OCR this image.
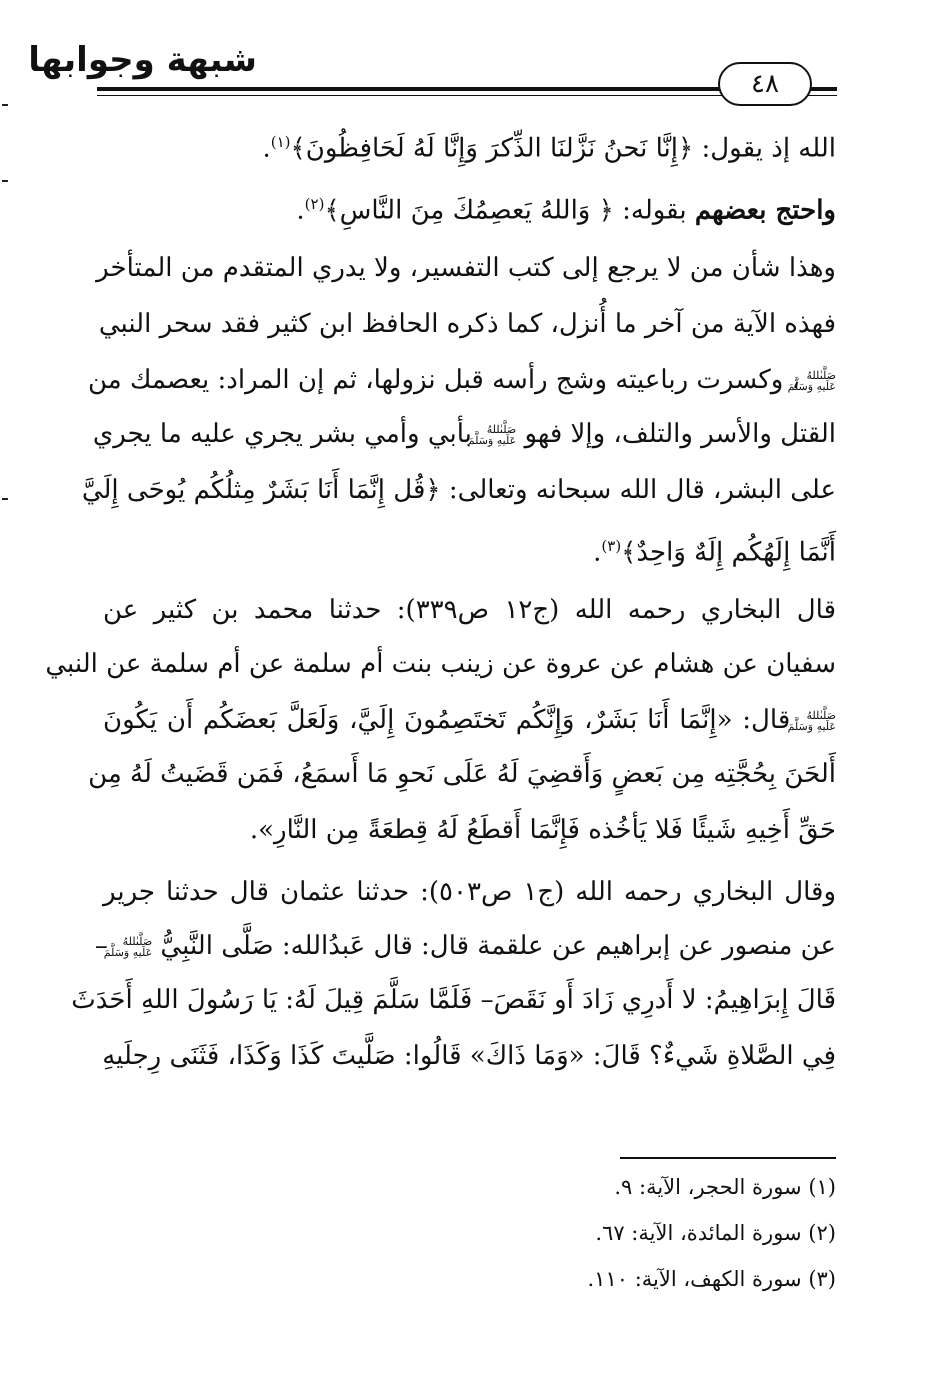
شبهة وجوابها
٤٨
الله إذ يقول: ﴿إِنَّا نَحنُ نَزَّلنَا الذِّكرَ وَإِنَّا لَهُ لَحَافِظُونَ﴾$^{(١)}$.
واحتج بعضهم بقوله: ﴿ وَاللهُ يَعصِمُكَ مِنَ النَّاسِ﴾$^{(٢)}$.
وهذا شأن من لا يرجع إلى كتب التفسير، ولا يدري المتقدم من المتأخر
فهذه الآية من آخر ما أُنزل، كما ذكره الحافظ ابن كثير فقد سحر النبي
صَلَّىٰللهُ
عَلَيهِ وَسَلَّمَ، وكسرت رباعيته وشج رأسه قبل نزولها، ثم إن المراد: يعصمك من
القتل والأسر والتلف، وإلا فهو صَلَّىٰللهُ
عَلَيهِ وَسَلَّمَ بأبي وأمي بشر يجري عليه ما يجري
على البشر، قال الله سبحانه وتعالى: ﴿قُل إِنَّمَا أَنَا بَشَرٌ مِثلُكُم يُوحَى إِلَيَّ
أَنَّمَا إِلَهُكُم إِلَهٌ وَاحِدٌ﴾$^{(٣)}$.
قال البخاري رحمه الله (ج١٢ ص٣٣٩): حدثنا محمد بن كثير عن
سفيان عن هشام عن عروة عن زينب بنت أم سلمة عن أم سلمة عن النبي
صَلَّىٰللهُ
عَلَيهِ وَسَلَّمَ قال: «إِنَّمَا أَنَا بَشَرٌ، وَإِنَّكُم تَختَصِمُونَ إِلَيَّ، وَلَعَلَّ بَعضَكُم أَن يَكُونَ
أَلحَنَ بِحُجَّتِه مِن بَعضٍ وَأَقضِيَ لَهُ عَلَى نَحوِ مَا أَسمَعُ، فَمَن قَضَيتُ لَهُ مِن
حَقِّ أَخِيهِ شَيئًا فَلا يَأخُذه فَإِنَّمَا أَقطَعُ لَهُ قِطعَةً مِن النَّارِ».
وقال البخاري رحمه الله (ج١ ص٥٠٣): حدثنا عثمان قال حدثنا جرير
عن منصور عن إبراهيم عن علقمة قال: قال عَبدُالله: صَلَّى النَّبِيُّ صَلَّىٰللهُ
عَلَيهِ وَسَلَّمَ –
قَالَ إِبرَاهِيمُ: لا أَدرِي زَادَ أَو نَقَصَ– فَلَمَّا سَلَّمَ قِيلَ لَهُ: يَا رَسُولَ اللهِ أَحَدَثَ
فِي الصَّلاةِ شَيءٌ؟ قَالَ: «وَمَا ذَاكَ» قَالُوا: صَلَّيتَ كَذَا وَكَذَا، فَثَنَى رِجلَيهِ
(١) سورة الحجر، الآية: ٩.
(٢) سورة المائدة، الآية: ٦٧.
(٣) سورة الكهف، الآية: ١١٠.
